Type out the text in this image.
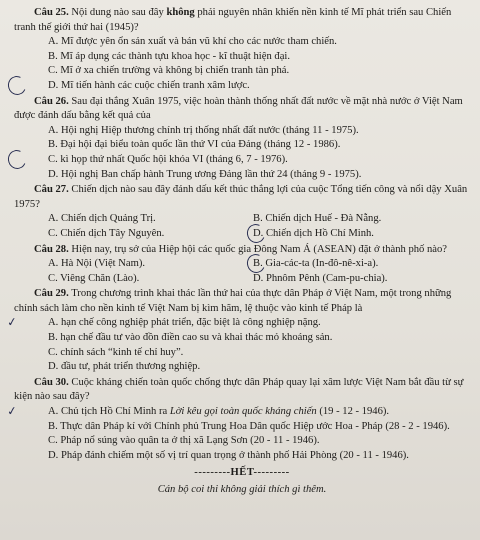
Câu 25. Nội dung nào sau đây không phải nguyên nhân khiến nền kinh tế Mĩ phát triển sau Chiến tranh thế giới thứ hai (1945)?
A. Mĩ được yên ổn sản xuất và bán vũ khí cho các nước tham chiến.
B. Mĩ áp dụng các thành tựu khoa học - kĩ thuật hiện đại.
C. Mĩ ở xa chiến trường và không bị chiến tranh tàn phá.
D. Mĩ tiến hành các cuộc chiến tranh xâm lược.
Câu 26. Sau đại thắng Xuân 1975, việc hoàn thành thống nhất đất nước về mặt nhà nước ở Việt Nam được đánh dấu bằng kết quả của
A. Hội nghị Hiệp thương chính trị thống nhất đất nước (tháng 11 - 1975).
B. Đại hội đại biểu toàn quốc lần thứ VI của Đảng (tháng 12 - 1986).
C. kì họp thứ nhất Quốc hội khóa VI (tháng 6, 7 - 1976).
D. Hội nghị Ban chấp hành Trung ương Đảng lần thứ 24 (tháng 9 - 1975).
Câu 27. Chiến dịch nào sau đây đánh dấu kết thúc thắng lợi của cuộc Tổng tiến công và nổi dậy Xuân 1975?
A. Chiến dịch Quảng Trị.	B. Chiến dịch Huế - Đà Nẵng.
C. Chiến dịch Tây Nguyên.	D. Chiến dịch Hồ Chí Minh.
Câu 28. Hiện nay, trụ sở của Hiệp hội các quốc gia Đông Nam Á (ASEAN) đặt ở thành phố nào?
A. Hà Nội (Việt Nam).	B. Gia-các-ta (In-đô-nê-xi-a).
C. Viêng Chăn (Lào).	D. Phnôm Pênh (Cam-pu-chia).
Câu 29. Trong chương trình khai thác lần thứ hai của thực dân Pháp ở Việt Nam, một trong những chính sách làm cho nền kinh tế Việt Nam bị kìm hãm, lệ thuộc vào kinh tế Pháp là
✓	A. hạn chế công nghiệp phát triển, đặc biệt là công nghiệp nặng.
B. hạn chế đầu tư vào đồn điền cao su và khai thác mỏ khoáng sản.
C. chính sách “kinh tế chỉ huy”.
D. đầu tư, phát triển thương nghiệp.
Câu 30. Cuộc kháng chiến toàn quốc chống thực dân Pháp quay lại xâm lược Việt Nam bắt đầu từ sự kiện nào sau đây?
✓	A. Chủ tịch Hồ Chí Minh ra Lời kêu gọi toàn quốc kháng chiến (19 - 12 - 1946).
B. Thực dân Pháp kí với Chính phủ Trung Hoa Dân quốc Hiệp ước Hoa - Pháp (28 - 2 - 1946).
C. Pháp nổ súng vào quân ta ở thị xã Lạng Sơn (20 - 11 - 1946).
D. Pháp đánh chiếm một số vị trí quan trọng ở thành phố Hải Phòng (20 - 11 - 1946).
---------HẾT---------
Cán bộ coi thi không giải thích gì thêm.
